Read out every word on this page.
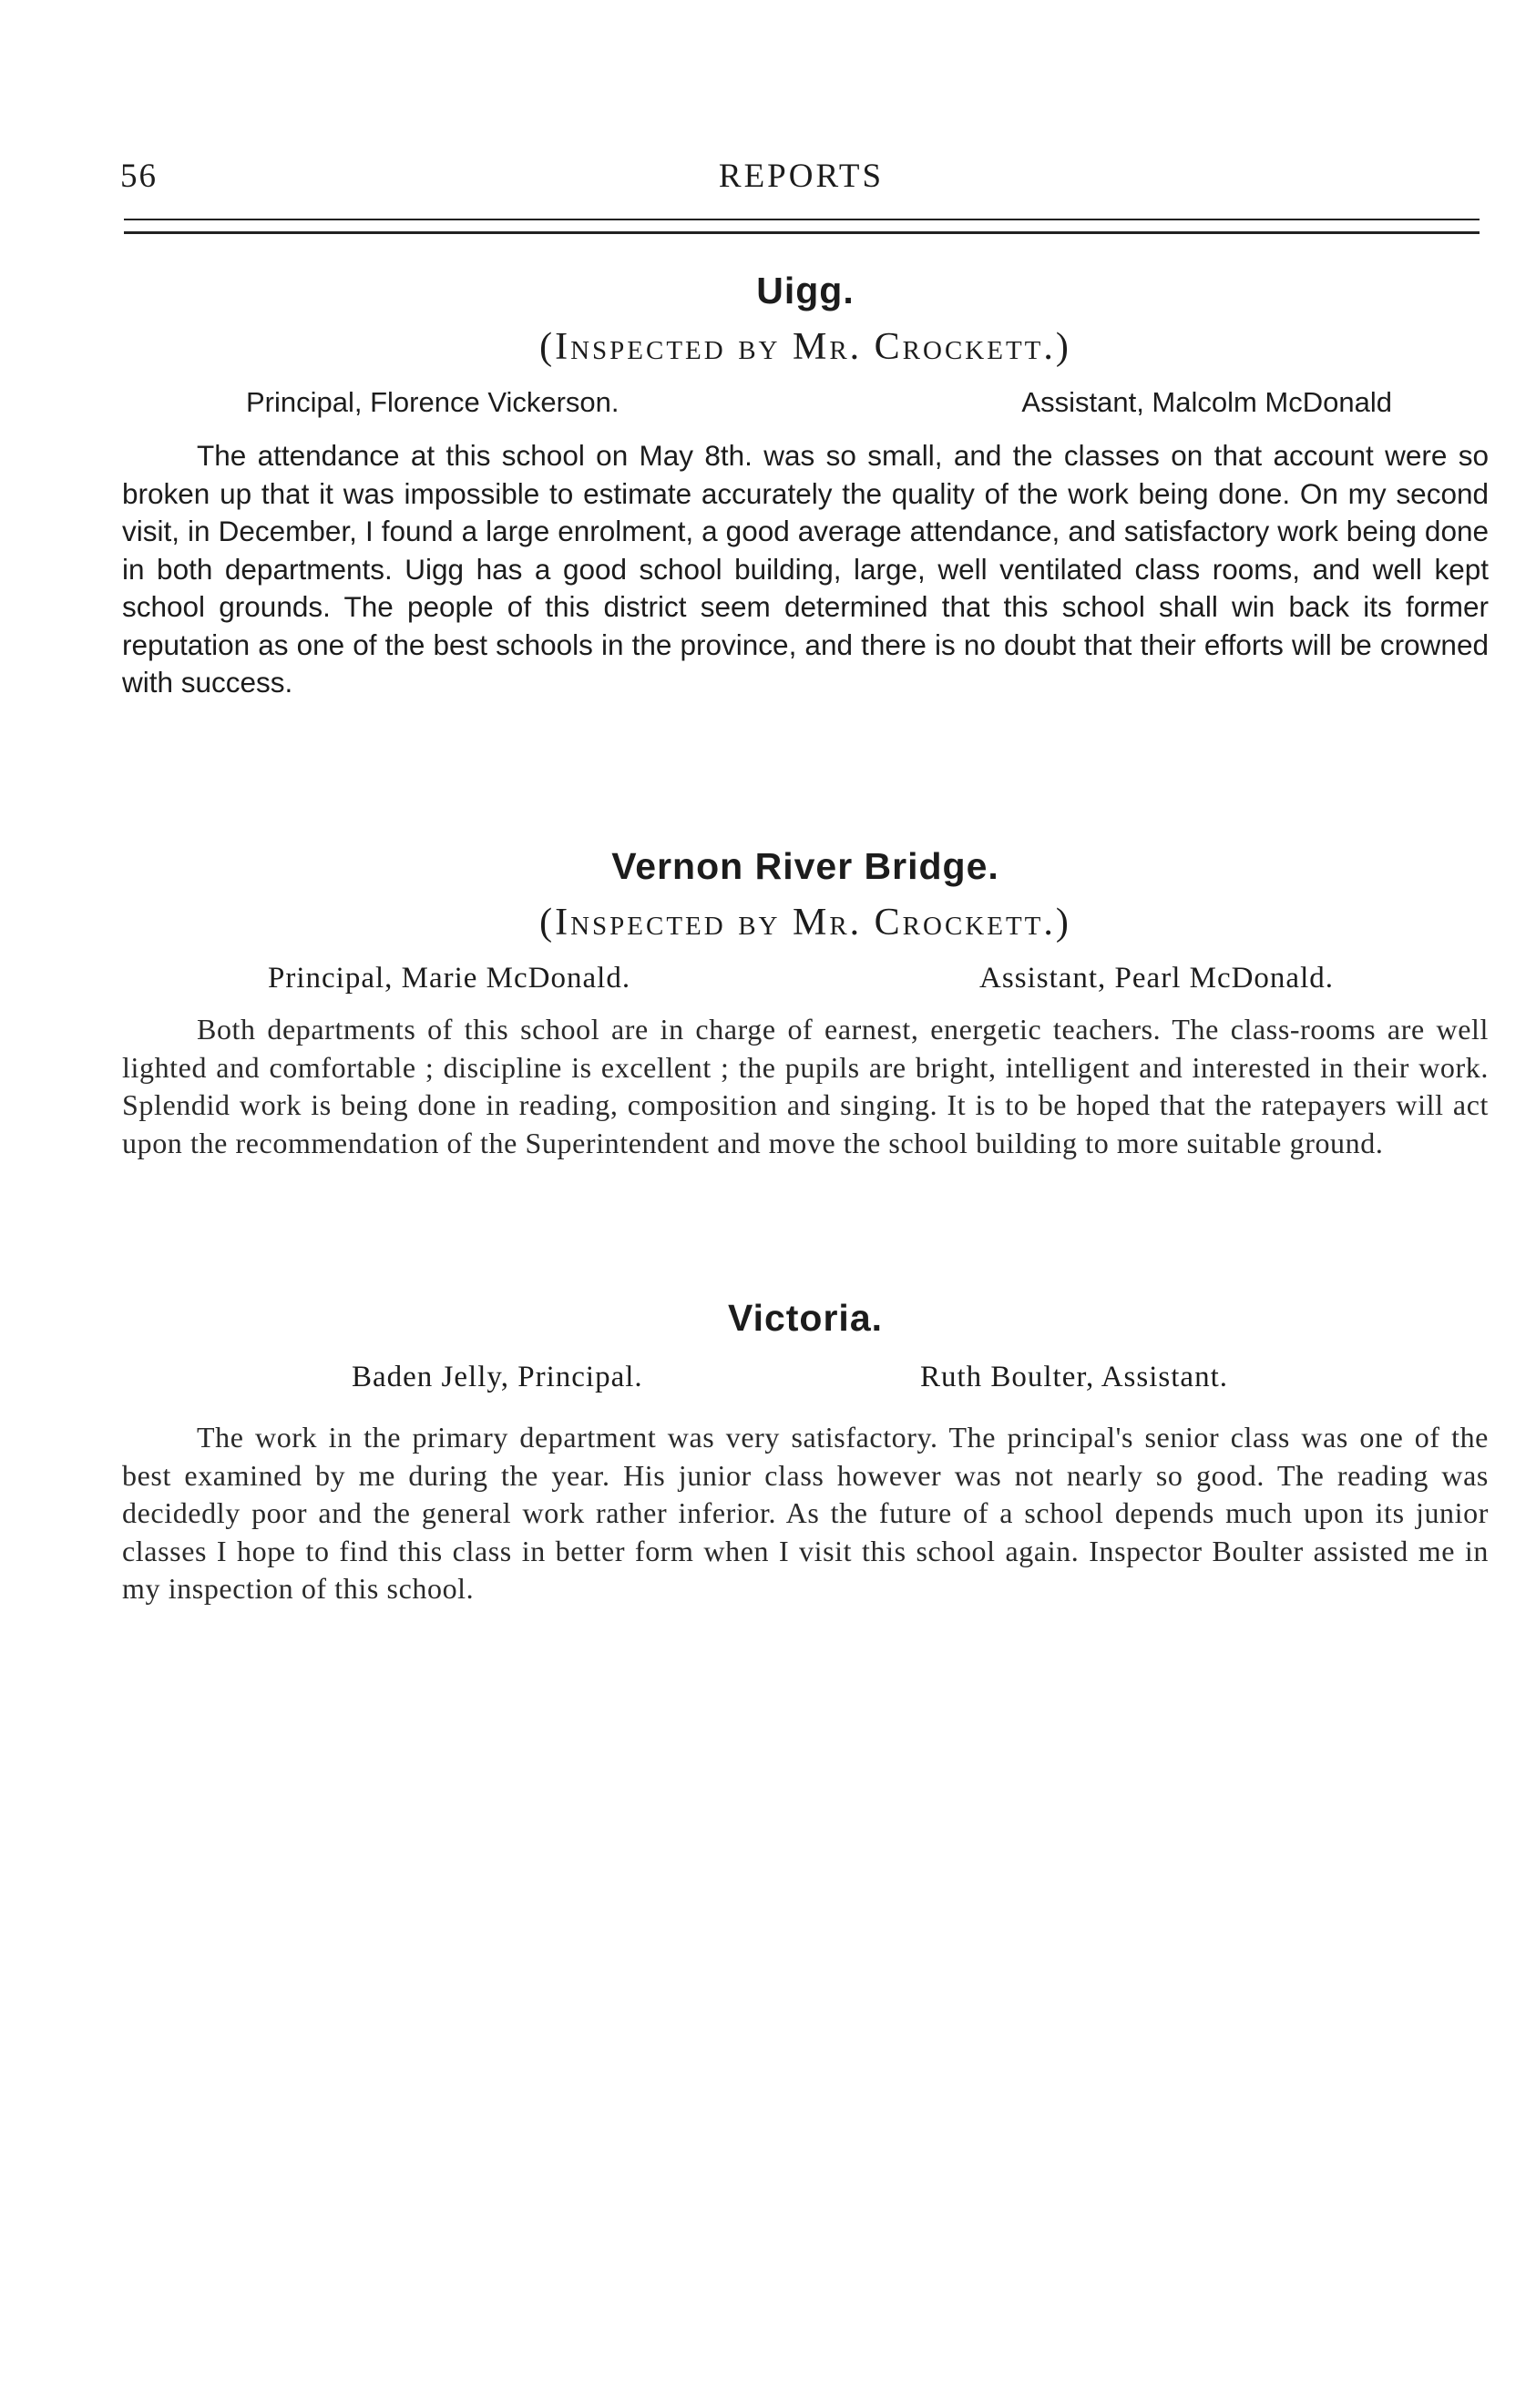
56	REPORTS
Uigg.
(Inspected by Mr. Crockett.)
Principal, Florence Vickerson.	Assistant, Malcolm McDonald

The attendance at this school on May 8th. was so small, and the classes on that account were so broken up that it was impossible to estimate accurately the quality of the work being done. On my second visit, in December, I found a large enrolment, a good average attendance, and satisfactory work being done in both departments. Uigg has a good school building, large, well ventilated class rooms, and well kept school grounds. The people of this district seem determined that this school shall win back its former reputation as one of the best schools in the province, and there is no doubt that their efforts will be crowned with success.

Vernon River Bridge.
(Inspected by Mr. Crockett.)
Principal, Marie McDonald.	Assistant, Pearl McDonald.

Both departments of this school are in charge of earnest, energetic teachers. The class-rooms are well lighted and comfortable ; discipline is excellent ; the pupils are bright, intelligent and interested in their work. Splendid work is being done in reading, composition and singing. It is to be hoped that the ratepayers will act upon the recommendation of the Superintendent and move the school building to more suitable ground.

Victoria.
Baden Jelly, Principal.	Ruth Boulter, Assistant.

The work in the primary department was very satisfactory. The principal's senior class was one of the best examined by me during the year. His junior class however was not nearly so good. The reading was decidedly poor and the general work rather inferior. As the future of a school depends much upon its junior classes I hope to find this class in better form when I visit this school again. Inspector Boulter assisted me in my inspection of this school.
